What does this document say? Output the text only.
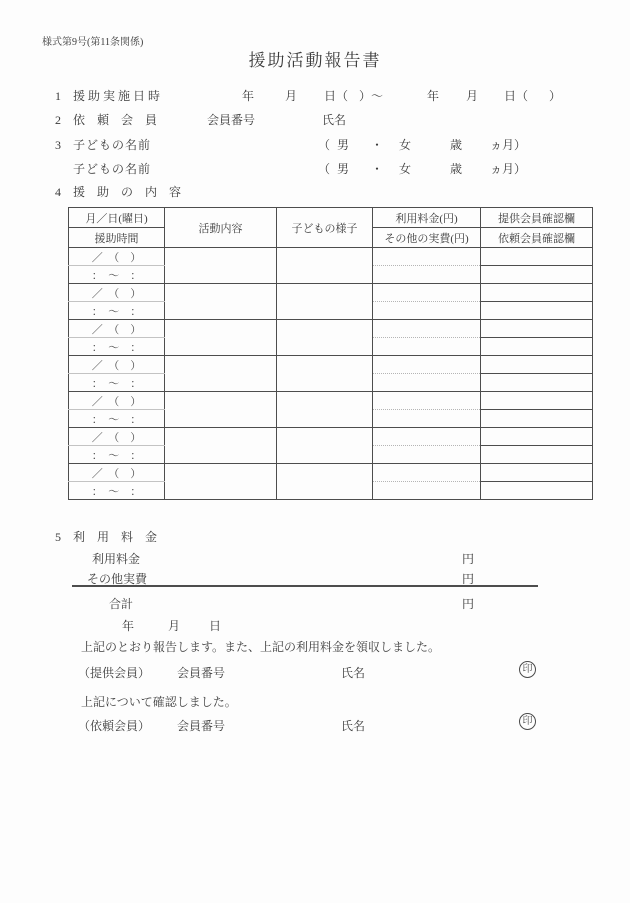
様式第9号(第11条関係)
援助活動報告書
1 援 助 実 施 日 時	年	月 日（ ）～	年 月 日（ ）
2 依　頼　会　員	会員番号	氏名
3 子どもの名前	（ 男 ・ 女	歳 ヵ月）
子どもの名前	（ 男 ・ 女	歳 ヵ月）
4 援　助　の　内　容
月／日(曜日)	活動内容	子どもの様子	利用料金(円)	提供会員確認欄
援助時間			その他の実費(円)	依頼会員確認欄
／　（　）				
：　～　：				
／　（　）				
：　～　：				
／　（　）				
：　～　：				
／　（　）				
：　～　：				
／　（　）				
：　～　：				
／　（　）				
：　～　：				
／　（　）				
：　～　：				
5 利　用　料　金
利用料金	円
その他実費	円
合計	円
年	月 日
上記のとおり報告します。また、上記の利用料金を領収しました。
（提供会員） 会員番号	氏名	印
上記について確認しました。
（依頼会員） 会員番号	氏名	印
